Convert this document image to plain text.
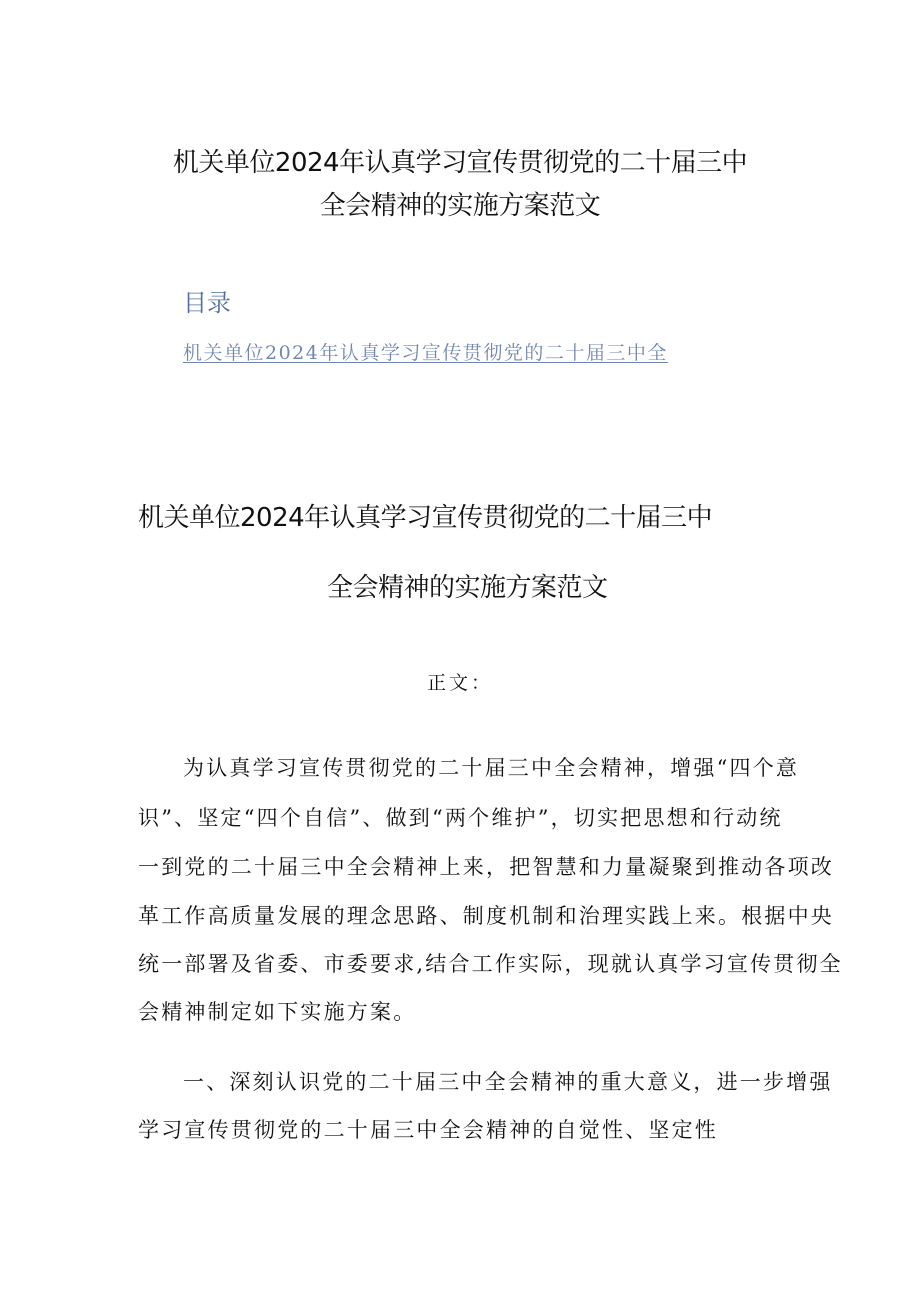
机关单位2024年认真学习宣传贯彻党的二十届三中
全会精神的实施方案范文
目录
机关单位2024年认真学习宣传贯彻党的二十届三中全
机关单位2024年认真学习宣传贯彻党的二十届三中
全会精神的实施方案范文
正文：
为认真学习宣传贯彻党的二十届三中全会精神，增强“四个意
识”、坚定“四个自信”、做到“两个维护”，切实把思想和行动统
一到党的二十届三中全会精神上来，把智慧和力量凝聚到推动各项改
革工作高质量发展的理念思路、制度机制和治理实践上来。根据中央
统一部署及省委、市委要求,结合工作实际，现就认真学习宣传贯彻全
会精神制定如下实施方案。
一、深刻认识党的二十届三中全会精神的重大意义，进一步增强
学习宣传贯彻党的二十届三中全会精神的自觉性、坚定性
